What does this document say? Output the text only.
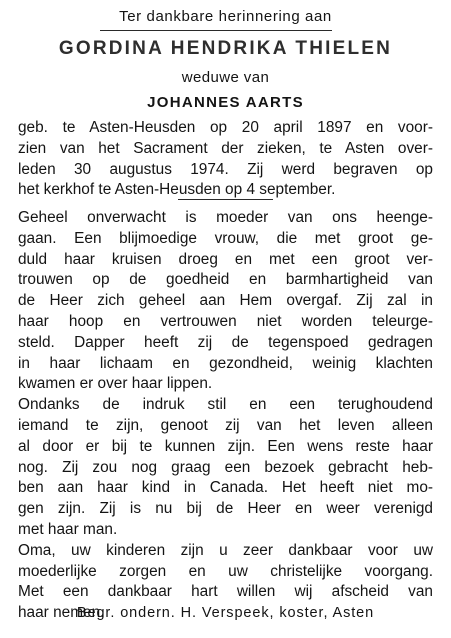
Ter dankbare herinnering aan
GORDINA HENDRIKA THIELEN
weduwe van
JOHANNES AARTS
geb. te Asten-Heusden op 20 april 1897 en voor-
zien van het Sacrament der zieken, te Asten over-
leden 30 augustus 1974. Zij werd begraven op
het kerkhof te Asten-Heusden op 4 september.
Geheel onverwacht is moeder van ons heenge-
gaan. Een blijmoedige vrouw, die met groot ge-
duld haar kruisen droeg en met een groot ver-
trouwen op de goedheid en barmhartigheid van
de Heer zich geheel aan Hem overgaf. Zij zal in
haar hoop en vertrouwen niet worden teleurge-
steld. Dapper heeft zij de tegenspoed gedragen
in haar lichaam en gezondheid, weinig klachten
kwamen er over haar lippen.
Ondanks de indruk stil en een terughoudend
iemand te zijn, genoot zij van het leven alleen
al door er bij te kunnen zijn. Een wens reste haar
nog. Zij zou nog graag een bezoek gebracht heb-
ben aan haar kind in Canada. Het heeft niet mo-
gen zijn. Zij is nu bij de Heer en weer verenigd
met haar man.
Oma, uw kinderen zijn u zeer dankbaar voor uw
moederlijke zorgen en uw christelijke voorgang.
Met een dankbaar hart willen wij afscheid van
haar nemen.
Begr. ondern. H. Verspeek, koster, Asten
